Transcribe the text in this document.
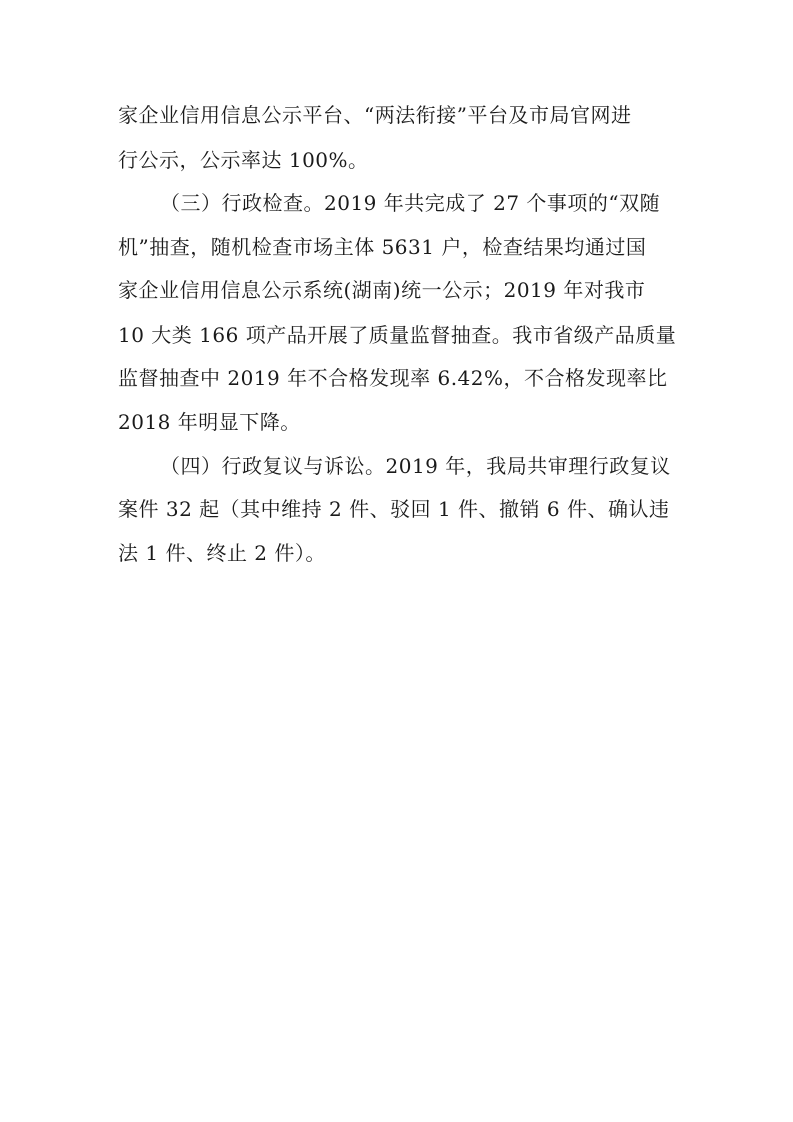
家企业信用信息公示平台、“两法衔接”平台及市局官网进
行公示，公示率达 100%。
（三）行政检查。2019 年共完成了 27 个事项的“双随
机”抽查，随机检查市场主体 5631 户，检查结果均通过国
家企业信用信息公示系统(湖南)统一公示；2019 年对我市
10 大类 166 项产品开展了质量监督抽查。我市省级产品质量
监督抽查中 2019 年不合格发现率 6.42%，不合格发现率比
2018 年明显下降。
（四）行政复议与诉讼。2019 年，我局共审理行政复议
案件 32 起（其中维持 2 件、驳回 1 件、撤销 6 件、确认违
法 1 件、终止 2 件）。
